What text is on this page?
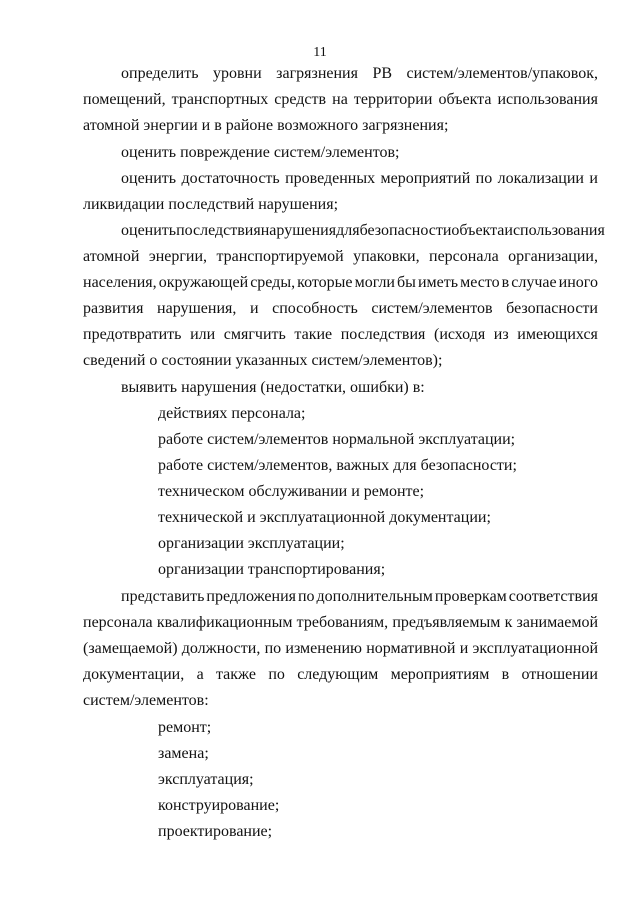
11
определить уровни загрязнения РВ систем/элементов/упаковок,
помещений, транспортных средств на территории объекта использования
атомной энергии и в районе возможного загрязнения;
оценить повреждение систем/элементов;
оценить достаточность проведенных мероприятий по локализации и
ликвидации последствий нарушения;
оценить последствия нарушения для безопасности объекта использования
атомной энергии, транспортируемой упаковки, персонала организации,
населения, окружающей среды, которые могли бы иметь место в случае иного
развития нарушения, и способность систем/элементов безопасности
предотвратить или смягчить такие последствия (исходя из имеющихся
сведений о состоянии указанных систем/элементов);
выявить нарушения (недостатки, ошибки) в:
действиях персонала;
работе систем/элементов нормальной эксплуатации;
работе систем/элементов, важных для безопасности;
техническом обслуживании и ремонте;
технической и эксплуатационной документации;
организации эксплуатации;
организации транспортирования;
представить предложения по дополнительным проверкам соответствия
персонала квалификационным требованиям, предъявляемым к занимаемой
(замещаемой) должности, по изменению нормативной и эксплуатационной
документации, а также по следующим мероприятиям в отношении
систем/элементов:
ремонт;
замена;
эксплуатация;
конструирование;
проектирование;
